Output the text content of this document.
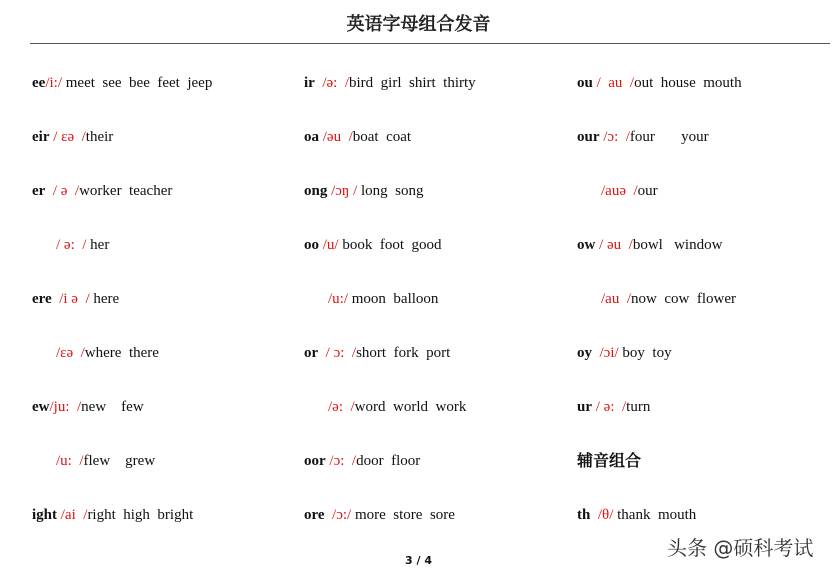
英语字母组合发音
ee/i:/ meet  see  bee  feet  jeep
eir / ɛə  /their
er  / ə  /worker  teacher
/ ə:  / her
ere  /i ə  / here
/ɛə  /where  there
ew/ju:  /new    few
/u:  /flew    grew
ight /ai  /right  high  bright
ir  /ə:  /bird  girl  shirt  thirty
oa /əu  /boat  coat
ong /ɔŋ / long  song
oo /u/ book  foot  good
/u:/ moon  balloon
or  / ɔ:  /short  fork  port
/ə:  /word  world  work
oor /ɔ:  /door  floor
ore  /ɔ:/ more  store  sore
ou /  au  /out  house  mouth
our /ɔ:  /four       your
/auə  /our
ow / əu  /bowl   window
/au  /now  cow  flower
oy  /ɔi/ boy  toy
ur / ə:  /turn
辅音组合
th  /θ/ thank  mouth
3 / 4
头条 @硕科考试
